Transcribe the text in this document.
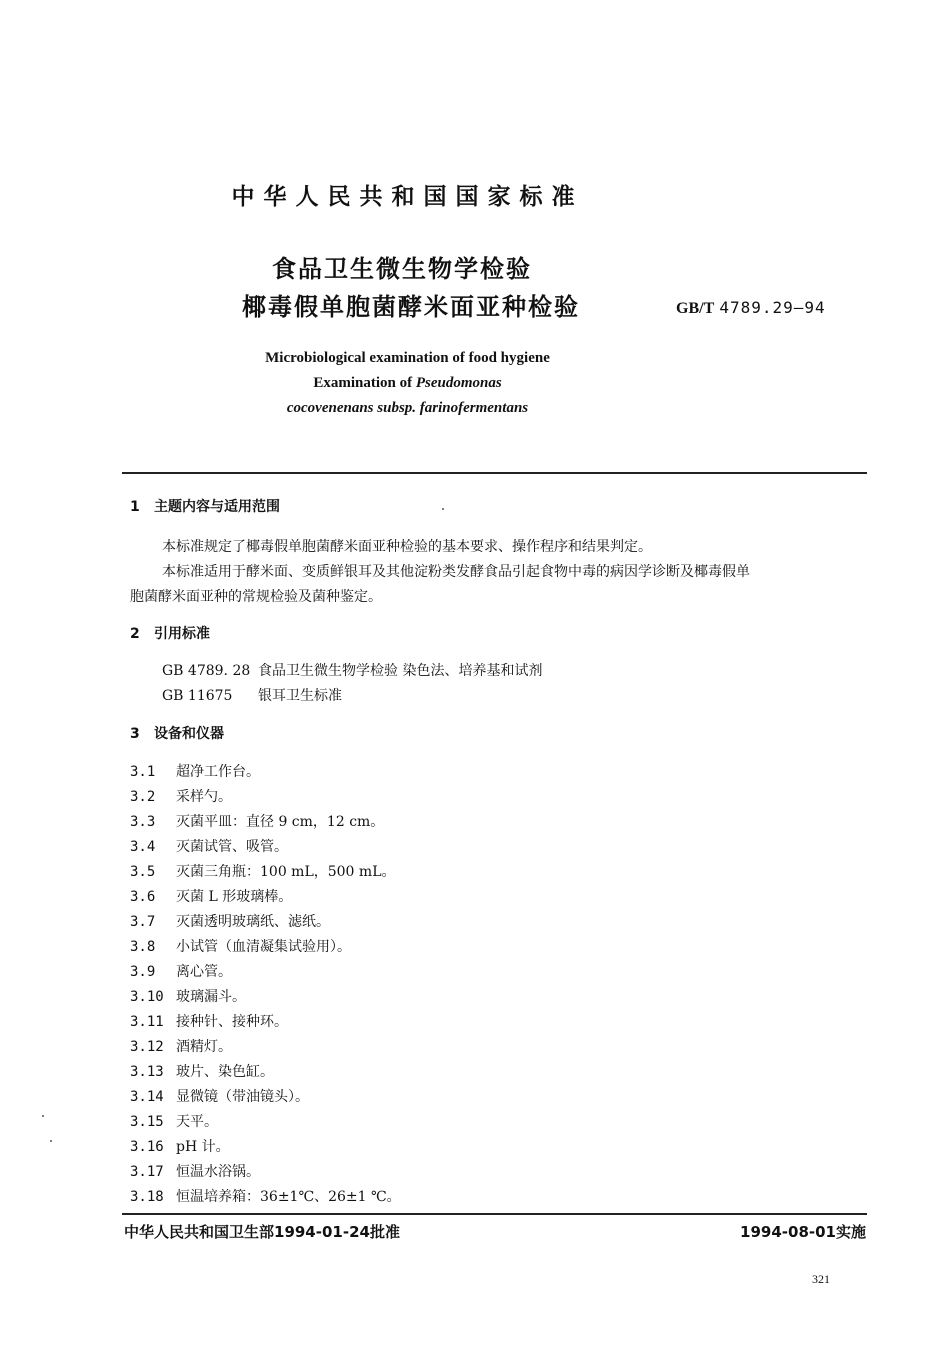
中华人民共和国国家标准
食品卫生微生物学检验
椰毒假单胞菌酵米面亚种检验	GB/T 4789.29—94
Microbiological examination of food hygiene
Examination of Pseudomonas
cocovenenans subsp. farinofermentans
1 主题内容与适用范围
本标准规定了椰毒假单胞菌酵米面亚种检验的基本要求、操作程序和结果判定。
本标准适用于酵米面、变质鲜银耳及其他淀粉类发酵食品引起食物中毒的病因学诊断及椰毒假单
胞菌酵米面亚种的常规检验及菌种鉴定。
2 引用标准
GB 4789. 28 食品卫生微生物学检验 染色法、培养基和试剂
GB 11675 银耳卫生标准
3 设备和仪器
3.1 超净工作台。
3.2 采样勺。
3.3 灭菌平皿：直径 9 cm，12 cm。
3.4 灭菌试管、吸管。
3.5 灭菌三角瓶：100 mL，500 mL。
3.6 灭菌 L 形玻璃棒。
3.7 灭菌透明玻璃纸、滤纸。
3.8 小试管（血清凝集试验用）。
3.9 离心管。
3.10 玻璃漏斗。
3.11 接种针、接种环。
3.12 酒精灯。
3.13 玻片、染色缸。
3.14 显微镜（带油镜头）。
3.15 天平。
3.16 pH 计。
3.17 恒温水浴锅。
3.18 恒温培养箱：36±1℃、26±1 ℃。
中华人民共和国卫生部1994-01-24批准	1994-08-01实施
321
